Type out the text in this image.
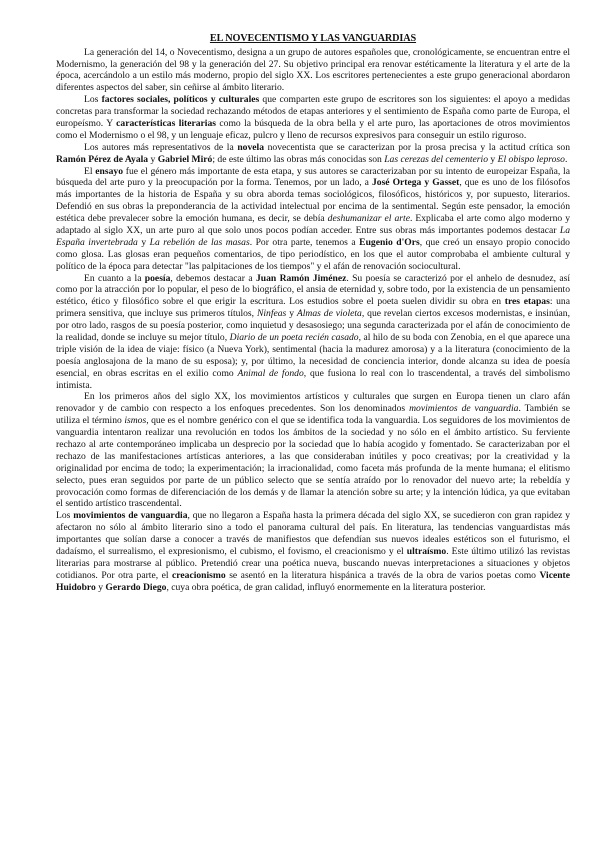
EL NOVECENTISMO Y LAS VANGUARDIAS

La generación del 14, o Novecentismo, designa a un grupo de autores españoles que, cronológicamente, se encuentran entre el Modernismo, la generación del 98 y la generación del 27. Su objetivo principal era renovar estéticamente la literatura y el arte de la época, acercándolo a un estilo más moderno, propio del siglo XX. Los escritores pertenecientes a este grupo generacional abordaron diferentes aspectos del saber, sin ceñirse al ámbito literario.

Los factores sociales, políticos y culturales que comparten este grupo de escritores son los siguientes: el apoyo a medidas concretas para transformar la sociedad rechazando métodos de etapas anteriores y el sentimiento de España como parte de Europa, el europeísmo. Y características literarias como la búsqueda de la obra bella y el arte puro, las aportaciones de otros movimientos como el Modernismo o el 98, y un lenguaje eficaz, pulcro y lleno de recursos expresivos para conseguir un estilo riguroso.

Los autores más representativos de la novela novecentista que se caracterizan por la prosa precisa y la actitud crítica son Ramón Pérez de Ayala y Gabriel Miró; de este último las obras más conocidas son Las cerezas del cementerio y El obispo leproso.

El ensayo fue el género más importante de esta etapa, y sus autores se caracterizaban por su intento de europeizar España, la búsqueda del arte puro y la preocupación por la forma. Tenemos, por un lado, a José Ortega y Gasset, que es uno de los filósofos más importantes de la historia de España y su obra aborda temas sociológicos, filosóficos, históricos y, por supuesto, literarios. Defendió en sus obras la preponderancia de la actividad intelectual por encima de la sentimental. Según este pensador, la emoción estética debe prevalecer sobre la emoción humana, es decir, se debía deshumanizar el arte. Explicaba el arte como algo moderno y adaptado al siglo XX, un arte puro al que solo unos pocos podían acceder. Entre sus obras más importantes podemos destacar La España invertebrada y La rebelión de las masas. Por otra parte, tenemos a Eugenio d'Ors, que creó un ensayo propio conocido como glosa. Las glosas eran pequeños comentarios, de tipo periodístico, en los que el autor comprobaba el ambiente cultural y político de la época para detectar "las palpitaciones de los tiempos" y el afán de renovación sociocultural.

En cuanto a la poesía, debemos destacar a Juan Ramón Jiménez. Su poesía se caracterizó por el anhelo de desnudez, así como por la atracción por lo popular, el peso de lo biográfico, el ansia de eternidad y, sobre todo, por la existencia de un pensamiento estético, ético y filosófico sobre el que erigir la escritura. Los estudios sobre el poeta suelen dividir su obra en tres etapas: una primera sensitiva, que incluye sus primeros títulos, Ninfeas y Almas de violeta, que revelan ciertos excesos modernistas, e insinúan, por otro lado, rasgos de su poesía posterior, como inquietud y desasosiego; una segunda caracterizada por el afán de conocimiento de la realidad, donde se incluye su mejor título, Diario de un poeta recién casado, al hilo de su boda con Zenobia, en el que aparece una triple visión de la idea de viaje: físico (a Nueva York), sentimental (hacia la madurez amorosa) y a la literatura (conocimiento de la poesía anglosajona de la mano de su esposa); y, por último, la necesidad de conciencia interior, donde alcanza su idea de poesía esencial, en obras escritas en el exilio como Animal de fondo, que fusiona lo real con lo trascendental, a través del simbolismo intimista.

En los primeros años del siglo XX, los movimientos artísticos y culturales que surgen en Europa tienen un claro afán renovador y de cambio con respecto a los enfoques precedentes. Son los denominados movimientos de vanguardia. También se utiliza el término ismos, que es el nombre genérico con el que se identifica toda la vanguardia. Los seguidores de los movimientos de vanguardia intentaron realizar una revolución en todos los ámbitos de la sociedad y no sólo en el ámbito artístico. Su ferviente rechazo al arte contemporáneo implicaba un desprecio por la sociedad que lo había acogido y fomentado. Se caracterizaban por el rechazo de las manifestaciones artísticas anteriores, a las que consideraban inútiles y poco creativas; por la creatividad y la originalidad por encima de todo; la experimentación; la irracionalidad, como faceta más profunda de la mente humana; el elitismo selecto, pues eran seguidos por parte de un público selecto que se sentía atraído por lo renovador del nuevo arte; la rebeldía y provocación como formas de diferenciación de los demás y de llamar la atención sobre su arte; y la intención lúdica, ya que evitaban el sentido artístico trascendental.

Los movimientos de vanguardia, que no llegaron a España hasta la primera década del siglo XX, se sucedieron con gran rapidez y afectaron no sólo al ámbito literario sino a todo el panorama cultural del país. En literatura, las tendencias vanguardistas más importantes que solían darse a conocer a través de manifiestos que defendían sus nuevos ideales estéticos son el futurismo, el dadaísmo, el surrealismo, el expresionismo, el cubismo, el fovismo, el creacionismo y el ultraísmo. Este último utilizó las revistas literarias para mostrarse al público. Pretendió crear una poética nueva, buscando nuevas interpretaciones a situaciones y objetos cotidianos. Por otra parte, el creacionismo se asentó en la literatura hispánica a través de la obra de varios poetas como Vicente Huidobro y Gerardo Diego, cuya obra poética, de gran calidad, influyó enormemente en la literatura posterior.
